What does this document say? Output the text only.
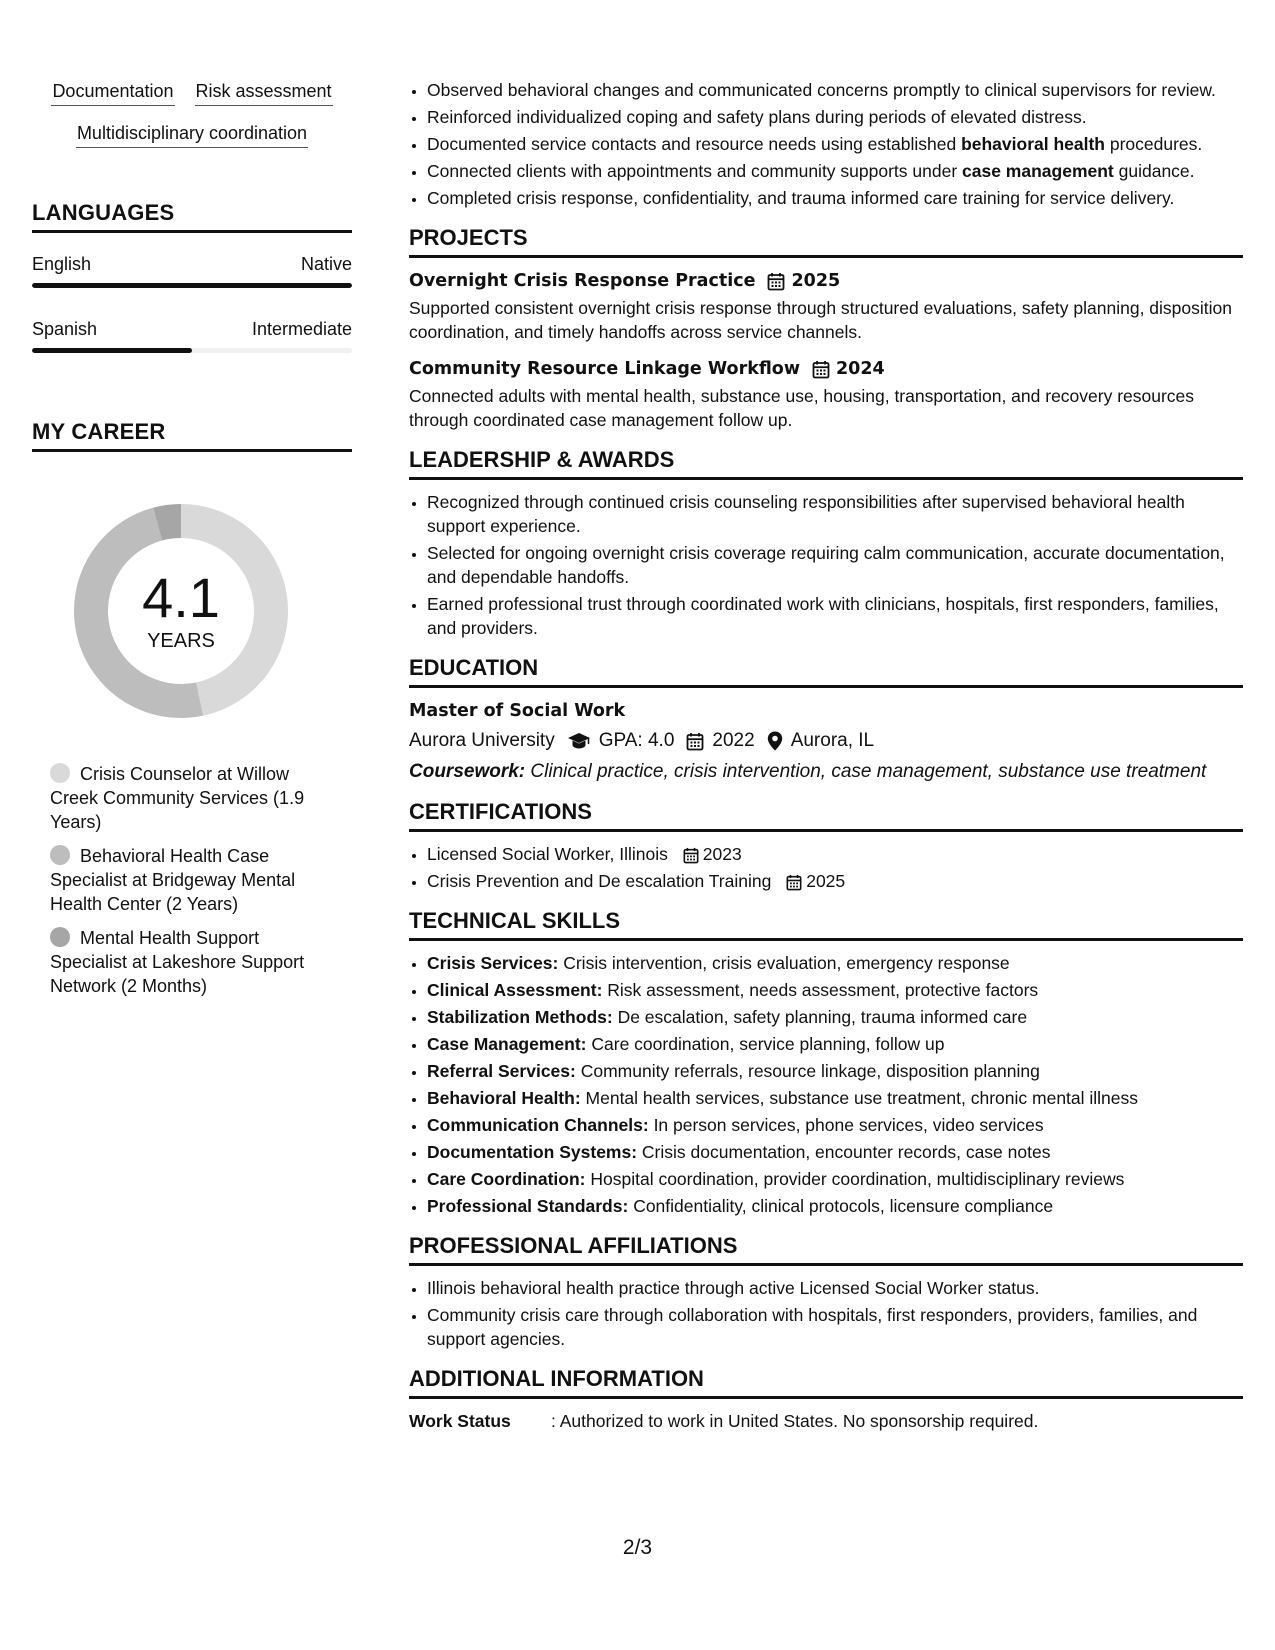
Documentation Risk assessment
Multidisciplinary coordination
LANGUAGES
English	Native
Spanish	Intermediate
MY CAREER
4.1
YEARS
Crisis Counselor at Willow Creek Community Services (1.9 Years)
Behavioral Health Case Specialist at Bridgeway Mental Health Center (2 Years)
Mental Health Support Specialist at Lakeshore Support Network (2 Months)
• Observed behavioral changes and communicated concerns promptly to clinical supervisors for review.
• Reinforced individualized coping and safety plans during periods of elevated distress.
• Documented service contacts and resource needs using established behavioral health procedures.
• Connected clients with appointments and community supports under case management guidance.
• Completed crisis response, confidentiality, and trauma informed care training for service delivery.
PROJECTS
Overnight Crisis Response Practice 2025

Supported consistent overnight crisis response through structured evaluations, safety planning, disposition coordination, and timely handoffs across service channels.

Community Resource Linkage Workflow 2024

Connected adults with mental health, substance use, housing, transportation, and recovery resources through coordinated case management follow up.

LEADERSHIP & AWARDS
• Recognized through continued crisis counseling responsibilities after supervised behavioral health support experience.
• Selected for ongoing overnight crisis coverage requiring calm communication, accurate documentation, and dependable handoffs.
• Earned professional trust through coordinated work with clinicians, hospitals, first responders, families, and providers.
EDUCATION
Master of Social Work
Aurora University GPA: 4.0 2022 Aurora, IL

Coursework: Clinical practice, crisis intervention, case management, substance use treatment

CERTIFICATIONS
• Licensed Social Worker, Illinois 2023
• Crisis Prevention and De escalation Training 2025
TECHNICAL SKILLS
• Crisis Services: Crisis intervention, crisis evaluation, emergency response
• Clinical Assessment: Risk assessment, needs assessment, protective factors
• Stabilization Methods: De escalation, safety planning, trauma informed care
• Case Management: Care coordination, service planning, follow up
• Referral Services: Community referrals, resource linkage, disposition planning
• Behavioral Health: Mental health services, substance use treatment, chronic mental illness
• Communication Channels: In person services, phone services, video services
• Documentation Systems: Crisis documentation, encounter records, case notes
• Care Coordination: Hospital coordination, provider coordination, multidisciplinary reviews
• Professional Standards: Confidentiality, clinical protocols, licensure compliance
PROFESSIONAL AFFILIATIONS
• Illinois behavioral health practice through active Licensed Social Worker status.
• Community crisis care through collaboration with hospitals, first responders, providers, families, and support agencies.
ADDITIONAL INFORMATION
Work Status	: Authorized to work in United States. No sponsorship required.
2/3
